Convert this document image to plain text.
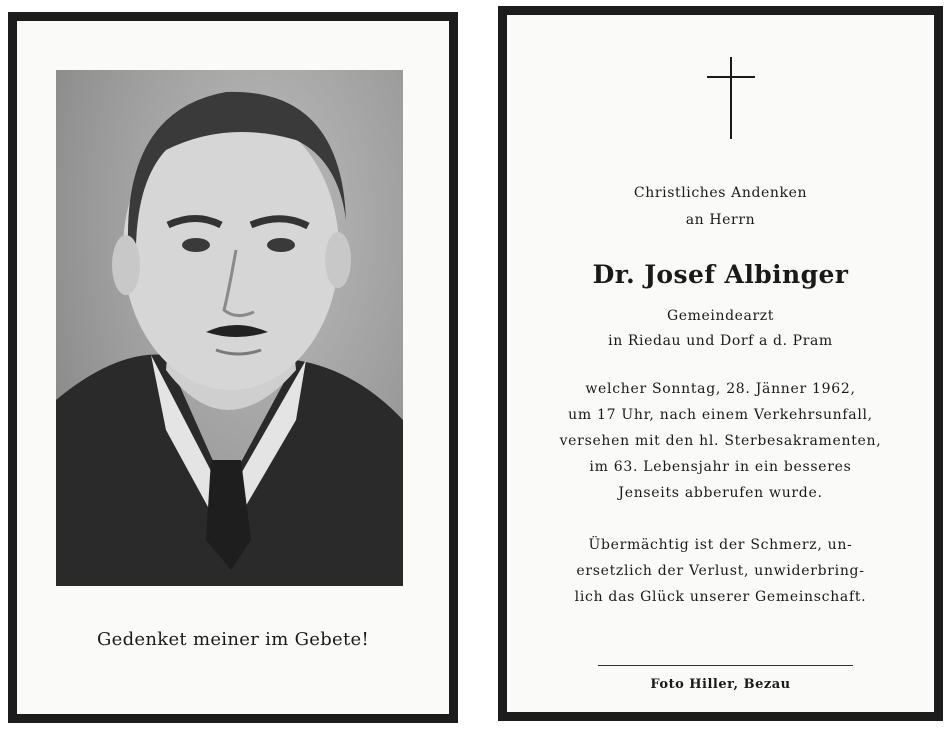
Gedenket meiner im Gebete!
Christliches Andenken
an Herrn
Dr. Josef Albinger
Gemeindearzt
in Riedau und Dorf a d. Pram
welcher Sonntag, 28. Jänner 1962,
um 17 Uhr, nach einem Verkehrsunfall,
versehen mit den hl. Sterbesakramenten,
im 63. Lebensjahr in ein besseres
Jenseits abberufen wurde.
Übermächtig ist der Schmerz, un-
ersetzlich der Verlust, unwiderbring-
lich das Glück unserer Gemeinschaft.
Foto Hiller, Bezau
